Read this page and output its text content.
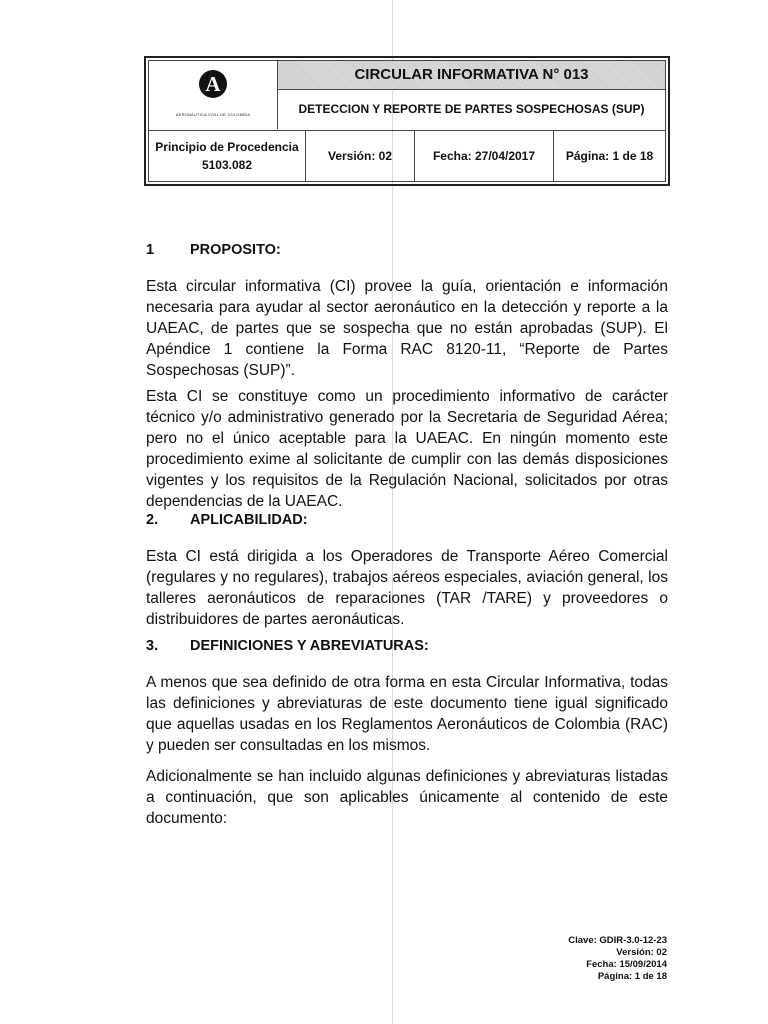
A
AERONÁUTICA CIVIL DE COLOMBIA
CIRCULAR INFORMATIVA N° 013
DETECCION Y REPORTE DE PARTES SOSPECHOSAS (SUP)
Principio de Procedencia
5103.082
Versión: 02	Fecha: 27/04/2017	Página: 1 de 18
1 PROPOSITO:

Esta circular informativa (CI) provee la guía, orientación e información necesaria para ayudar al sector aeronáutico en la detección y reporte a la UAEAC, de partes que se sospecha que no están aprobadas (SUP). El Apéndice 1 contiene la Forma RAC 8120-11, “Reporte de Partes Sospechosas (SUP)”.

Esta CI se constituye como un procedimiento informativo de carácter técnico y/o administrativo generado por la Secretaria de Seguridad Aérea; pero no el único aceptable para la UAEAC. En ningún momento este procedimiento exime al solicitante de cumplir con las demás disposiciones vigentes y los requisitos de la Regulación Nacional, solicitados por otras dependencias de la UAEAC.

2. APLICABILIDAD:

Esta CI está dirigida a los Operadores de Transporte Aéreo Comercial (regulares y no regulares), trabajos aéreos especiales, aviación general, los talleres aeronáuticos de reparaciones (TAR /TARE) y proveedores o distribuidores de partes aeronáuticas.

3. DEFINICIONES Y ABREVIATURAS:

A menos que sea definido de otra forma en esta Circular Informativa, todas las definiciones y abreviaturas de este documento tiene igual significado que aquellas usadas en los Reglamentos Aeronáuticos de Colombia (RAC) y pueden ser consultadas en los mismos.

Adicionalmente se han incluido algunas definiciones y abreviaturas listadas a continuación, que son aplicables únicamente al contenido de este documento:

Clave: GDIR-3.0-12-23
Versión: 02
Fecha: 15/09/2014
Página: 1 de 18
